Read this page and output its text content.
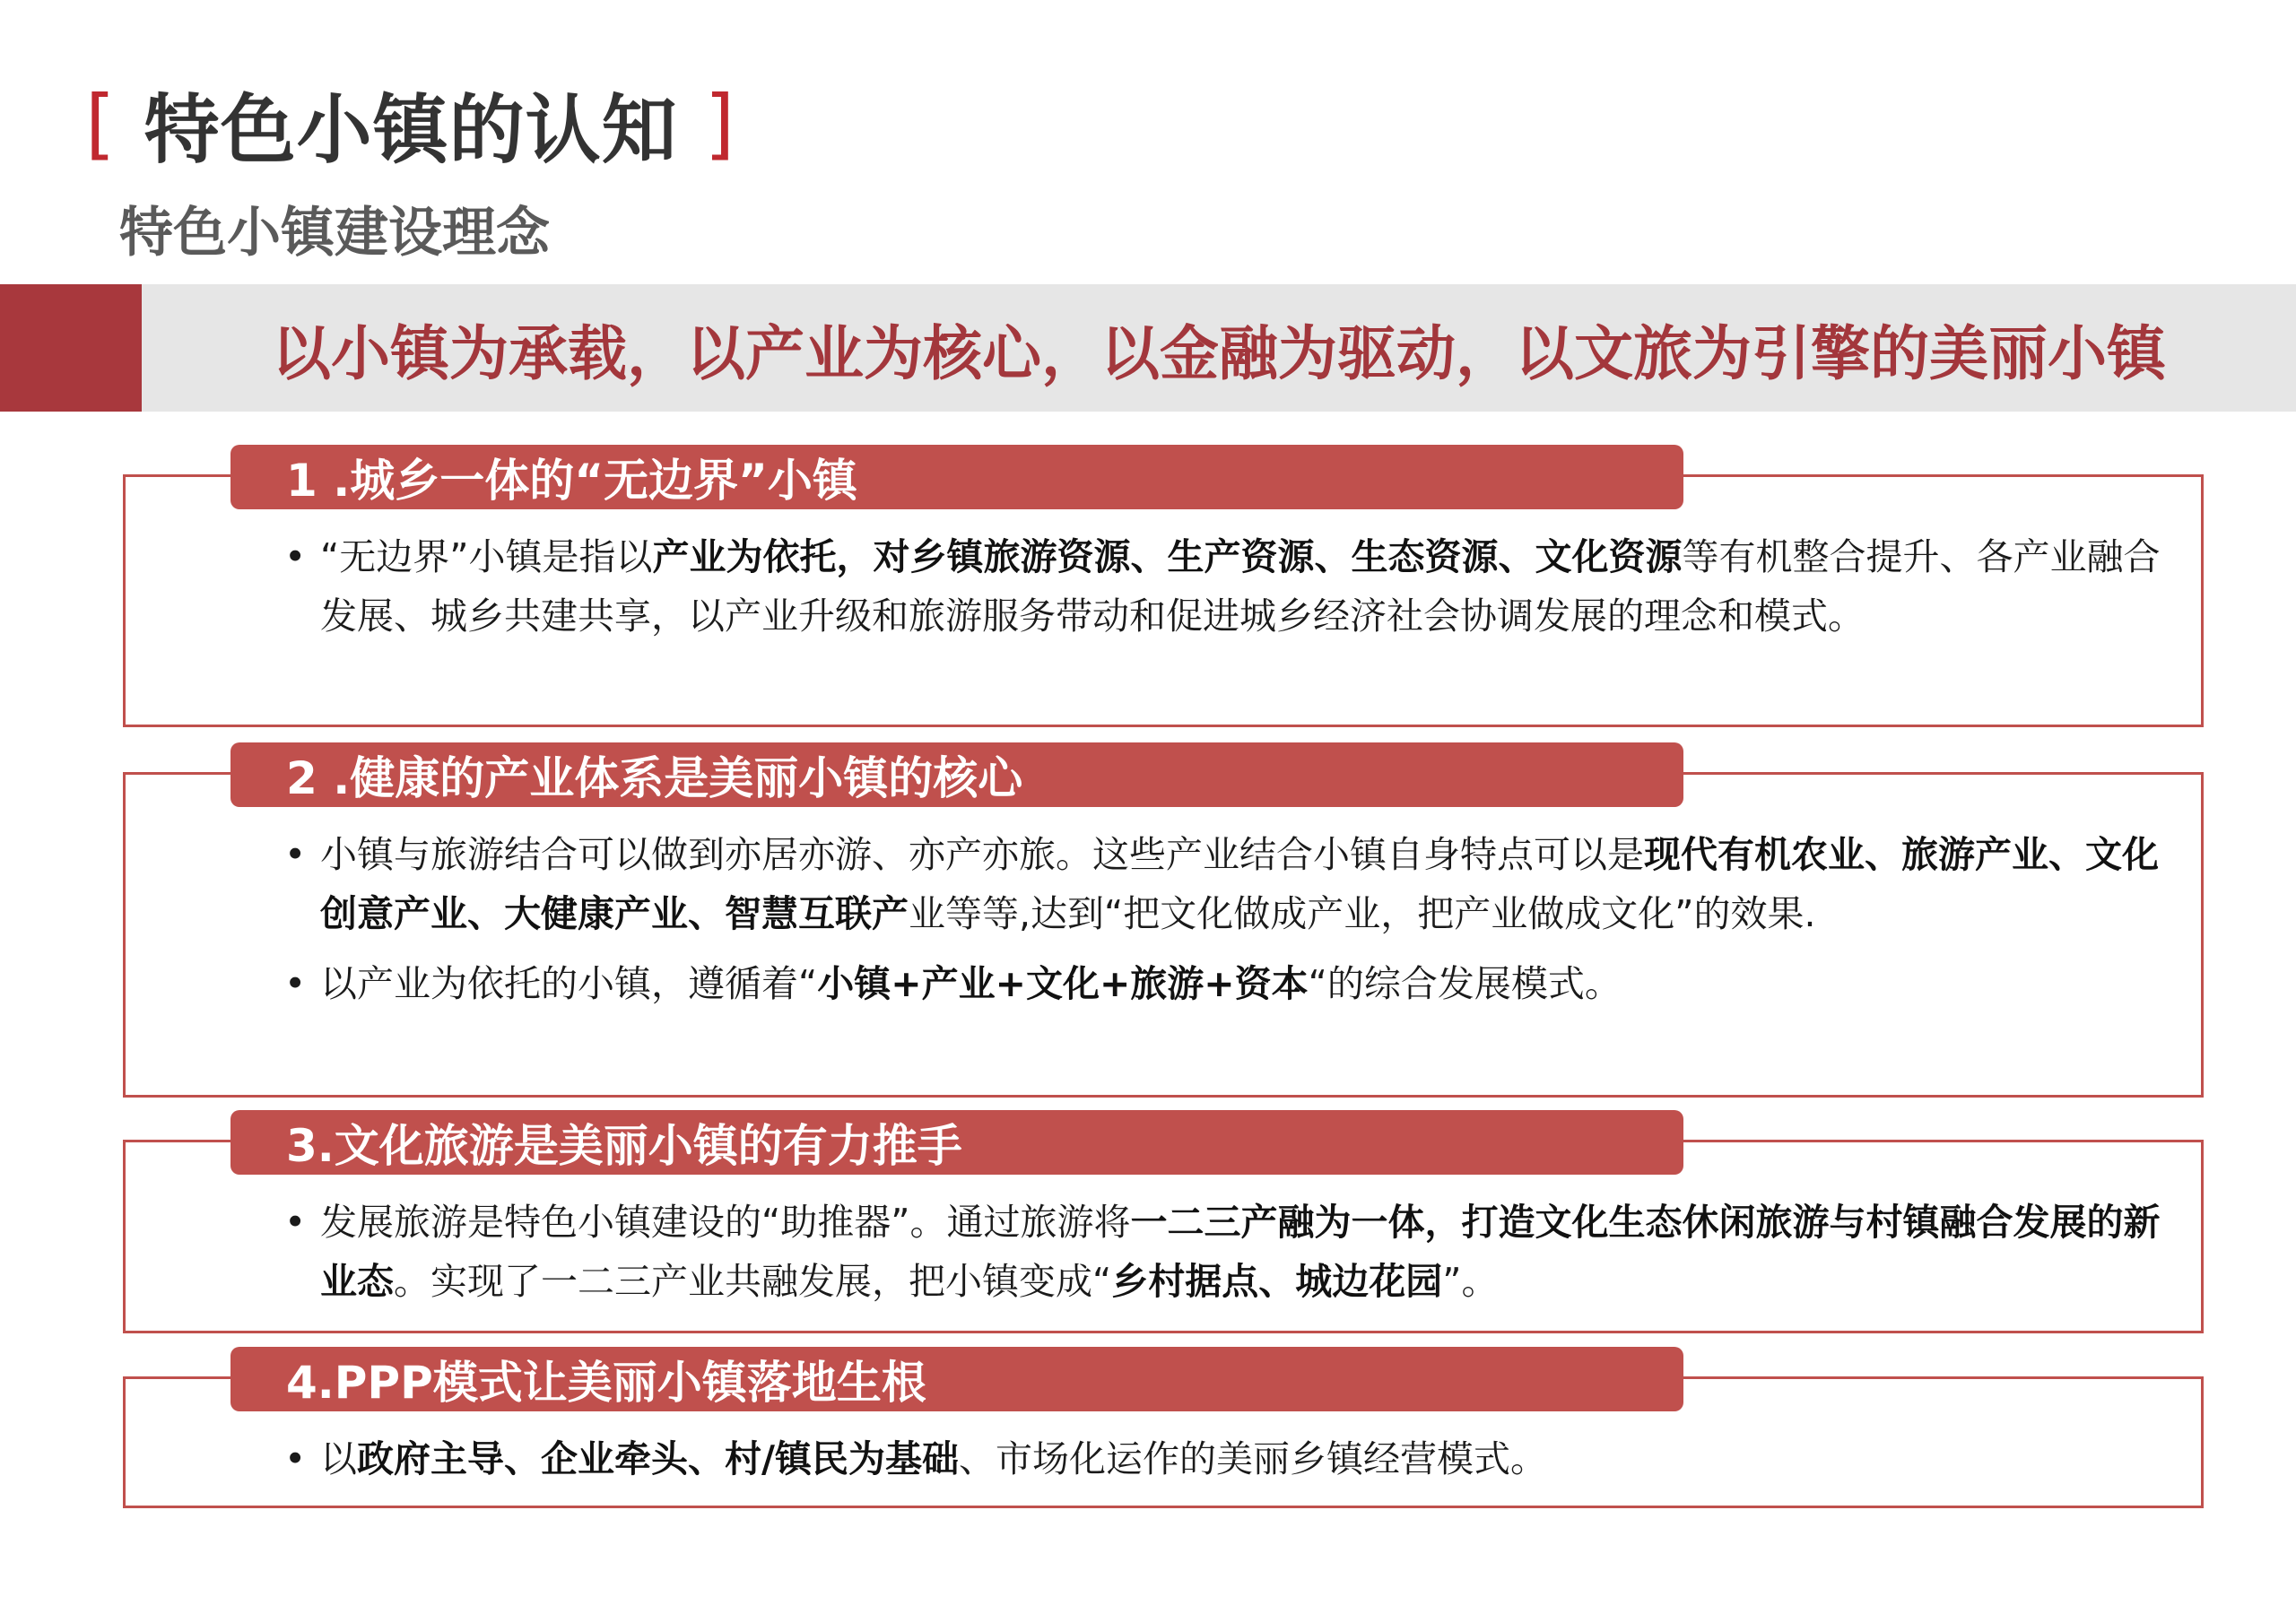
[ 特色小镇的认知 ]
特色小镇建设理念
以小镇为承载，以产业为核心，以金融为驱动，以文旅为引擎的美丽小镇
1 .城乡一体的“无边界”小镇
• “无边界”小镇是指以产业为依托，对乡镇旅游资源、生产资源、生态资源、文化资源等有机整合提升、各产业融合发展、城乡共建共享，以产业升级和旅游服务带动和促进城乡经济社会协调发展的理念和模式。
2 .健康的产业体系是美丽小镇的核心
• 小镇与旅游结合可以做到亦居亦游、亦产亦旅。这些产业结合小镇自身特点可以是现代有机农业、旅游产业、文化创意产业、大健康产业、智慧互联产业等等,达到“把文化做成产业，把产业做成文化”的效果.
• 以产业为依托的小镇，遵循着“小镇+产业+文化+旅游+资本“的综合发展模式。
3.文化旅游是美丽小镇的有力推手
• 发展旅游是特色小镇建设的“助推器”。通过旅游将一二三产融为一体，打造文化生态休闲旅游与村镇融合发展的新业态。实现了一二三产业共融发展，把小镇变成“乡村据点、城边花园”。
4.PPP模式让美丽小镇落地生根
• 以政府主导、企业牵头、村/镇民为基础、市场化运作的美丽乡镇经营模式。
